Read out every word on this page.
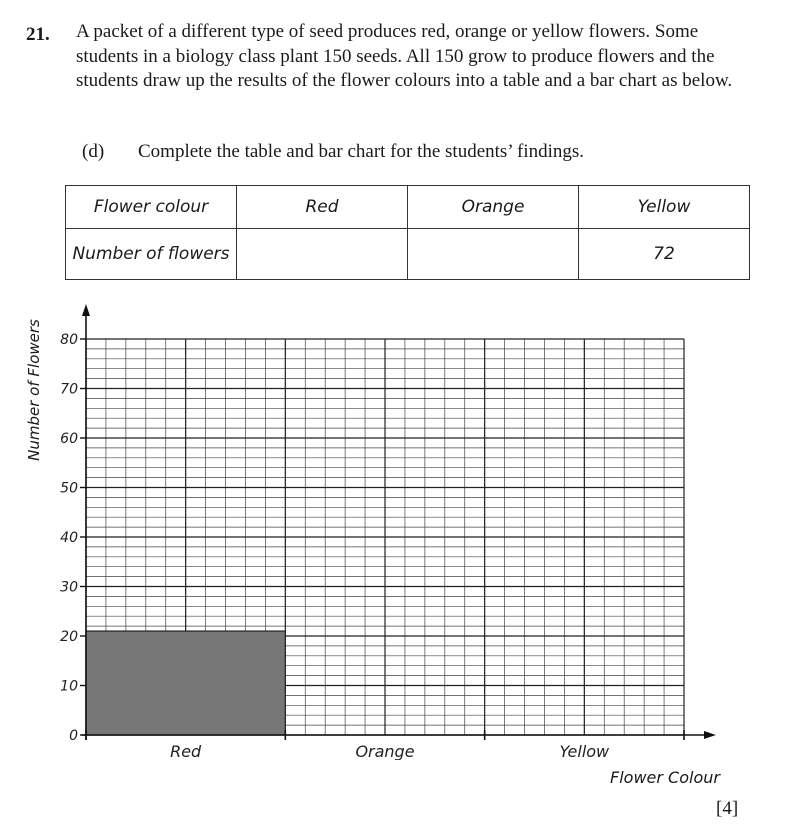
21. A packet of a different type of seed produces red, orange or yellow flowers. Some students in a biology class plant 150 seeds. All 150 grow to produce flowers and the students draw up the results of the flower colours into a table and a bar chart as below.

(d) Complete the table and bar chart for the students’ findings.
Flower colour	Red	Orange	Yellow
Number of flowers			72
Number of Flowers
0
10
20
30
40
50
60
70
80
Red	Orange	Yellow
Flower Colour
[4]
